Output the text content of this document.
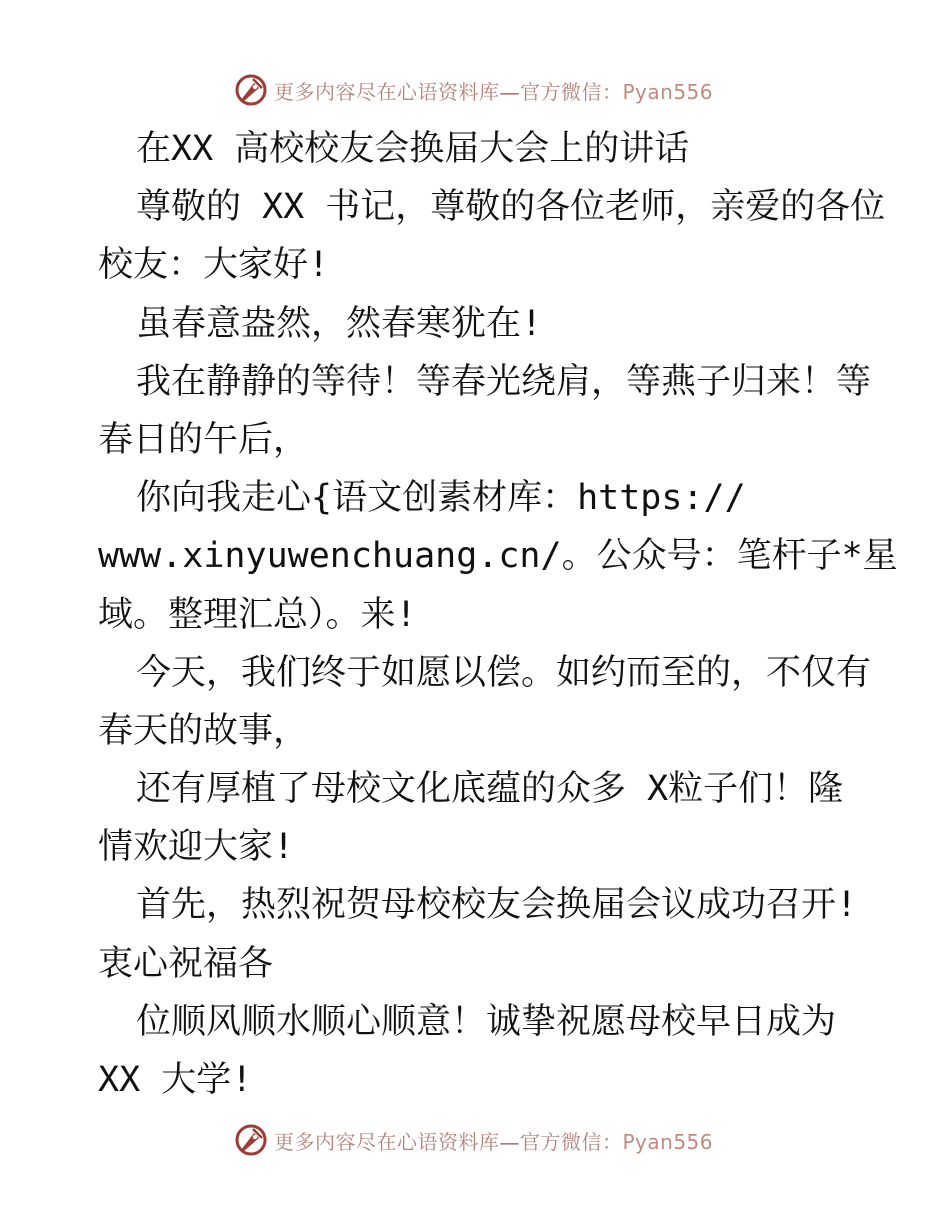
更多内容尽在心语资料库—官方微信：Pyan556
在XX 高校校友会换届大会上的讲话
尊敬的 XX 书记，尊敬的各位老师，亲爱的各位
校友：大家好!
虽春意盎然，然春寒犹在!
我在静静的等待！等春光绕肩，等燕子归来！等
春日的午后，
你向我走心{语文创素材库：https://
www.xinyuwenchuang.cn/。公众号：笔杆子*星
域。整理汇总）。来!
今天，我们终于如愿以偿。如约而至的，不仅有
春天的故事，
还有厚植了母校文化底蕴的众多 X粒子们！隆
情欢迎大家!
首先，热烈祝贺母校校友会换届会议成功召开!
衷心祝福各
位顺风顺水顺心顺意！诚挚祝愿母校早日成为
XX 大学!
更多内容尽在心语资料库—官方微信：Pyan556
